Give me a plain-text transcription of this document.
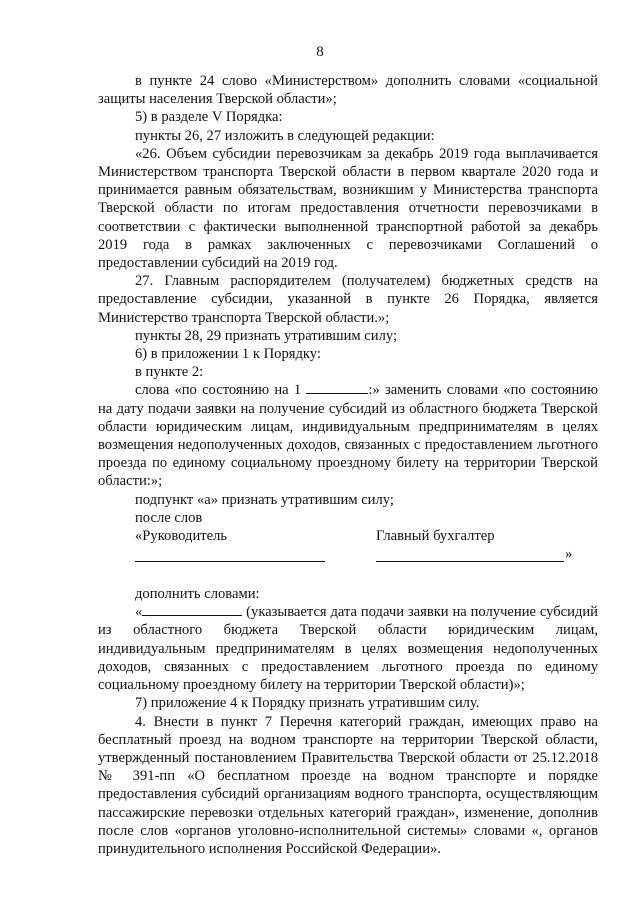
8

в пункте 24 слово «Министерством» дополнить словами «социальной защиты населения Тверской области»;

5) в разделе V Порядка:

пункты 26, 27 изложить в следующей редакции:

«26. Объем субсидии перевозчикам за декабрь 2019 года выплачивается Министерством транспорта Тверской области в первом квартале 2020 года и принимается равным обязательствам, возникшим у Министерства транспорта Тверской области по итогам предоставления отчетности перевозчиками в соответствии с фактически выполненной транспортной работой за декабрь 2019 года в рамках заключенных с перевозчиками Соглашений о предоставлении субсидий на 2019 год.

27. Главным распорядителем (получателем) бюджетных средств на предоставление субсидии, указанной в пункте 26 Порядка, является Министерство транспорта Тверской области.»;

пункты 28, 29 признать утратившим силу;

6) в приложении 1 к Порядку:

в пункте 2:

слова «по состоянию на 1	:» заменить словами «по состоянию на дату подачи заявки на получение субсидий из областного бюджета Тверской области юридическим лицам, индивидуальным предпринимателям в целях возмещения недополученных доходов, связанных с предоставлением льготного проезда по единому социальному проездному билету на территории Тверской области:»;

подпункт «а» признать утратившим силу;

после слов

«Руководитель	Главный бухгалтер
»

дополнить словами:

«	(указывается дата подачи заявки на получение субсидий из областного бюджета Тверской области юридическим лицам, индивидуальным предпринимателям в целях возмещения недополученных доходов, связанных с предоставлением льготного проезда по единому социальному проездному билету на территории Тверской области)»;

7) приложение 4 к Порядку признать утратившим силу.

4. Внести в пункт 7 Перечня категорий граждан, имеющих право на бесплатный проезд на водном транспорте на территории Тверской области, утвержденный постановлением Правительства Тверской области от 25.12.2018 № 391-пп «О бесплатном проезде на водном транспорте и порядке предоставления субсидий организациям водного транспорта, осуществляющим пассажирские перевозки отдельных категорий граждан», изменение, дополнив после слов «органов уголовно-исполнительной системы» словами «, органов принудительного исполнения Российской Федерации».
